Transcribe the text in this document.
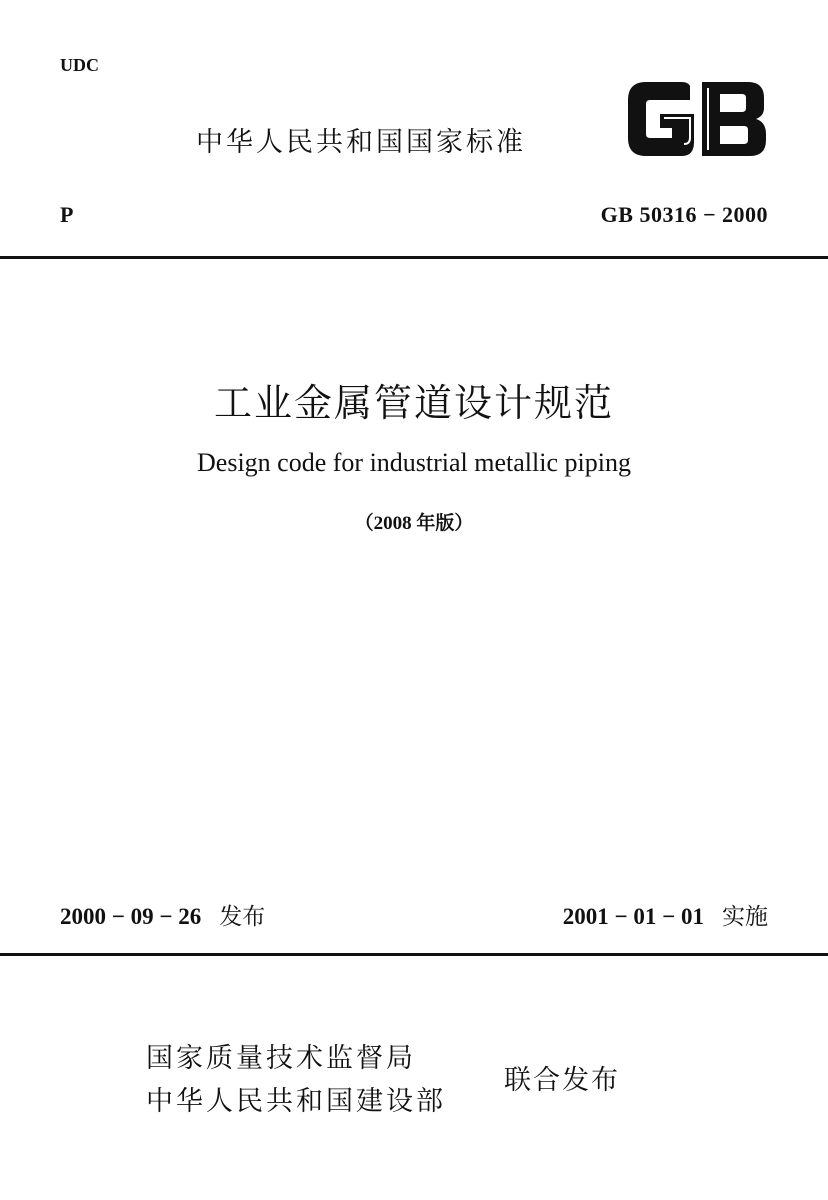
UDC
中华人民共和国国家标准
P	GB 50316 − 2000
工业金属管道设计规范
Design code for industrial metallic piping
（2008 年版）
2000 − 09 − 26 发布	2001 − 01 − 01 实施
国家质量技术监督局
中华人民共和国建设部
联合发布
